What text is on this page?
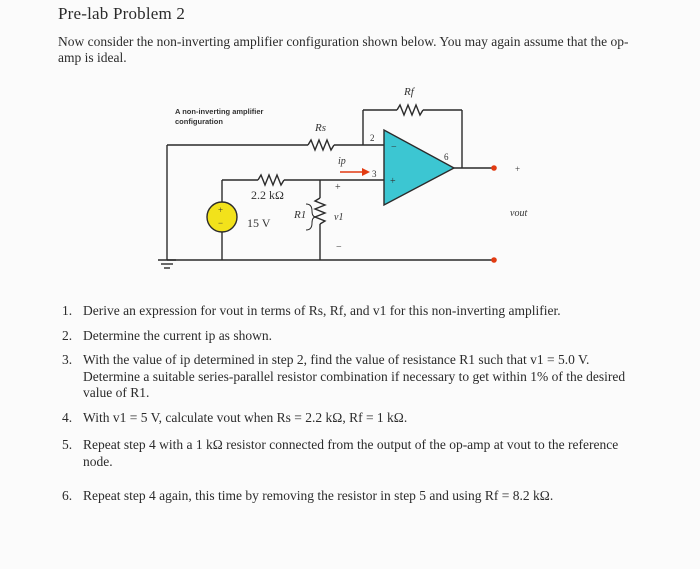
Pre-lab Problem 2
Now consider the non-inverting amplifier configuration shown below. You may again assume that the op-amp is ideal.
A non-inverting amplifier
configuration
−
+
2
3
6
+
vout
+
−
Rf
Rs
2.2 kΩ
15 V
R1	v1
+
−
ip
1. Derive an expression for vout in terms of Rs, Rf, and v1 for this non-inverting amplifier.
2. Determine the current ip as shown.
3. With the value of ip determined in step 2, find the value of resistance R1 such that v1 = 5.0 V. Determine a suitable series-parallel resistor combination if necessary to get within 1% of the desired value of R1.
4. With v1 = 5 V, calculate vout when Rs = 2.2 kΩ, Rf = 1 kΩ.
5. Repeat step 4 with a 1 kΩ resistor connected from the output of the op-amp at vout to the reference node.
6. Repeat step 4 again, this time by removing the resistor in step 5 and using Rf = 8.2 kΩ.
